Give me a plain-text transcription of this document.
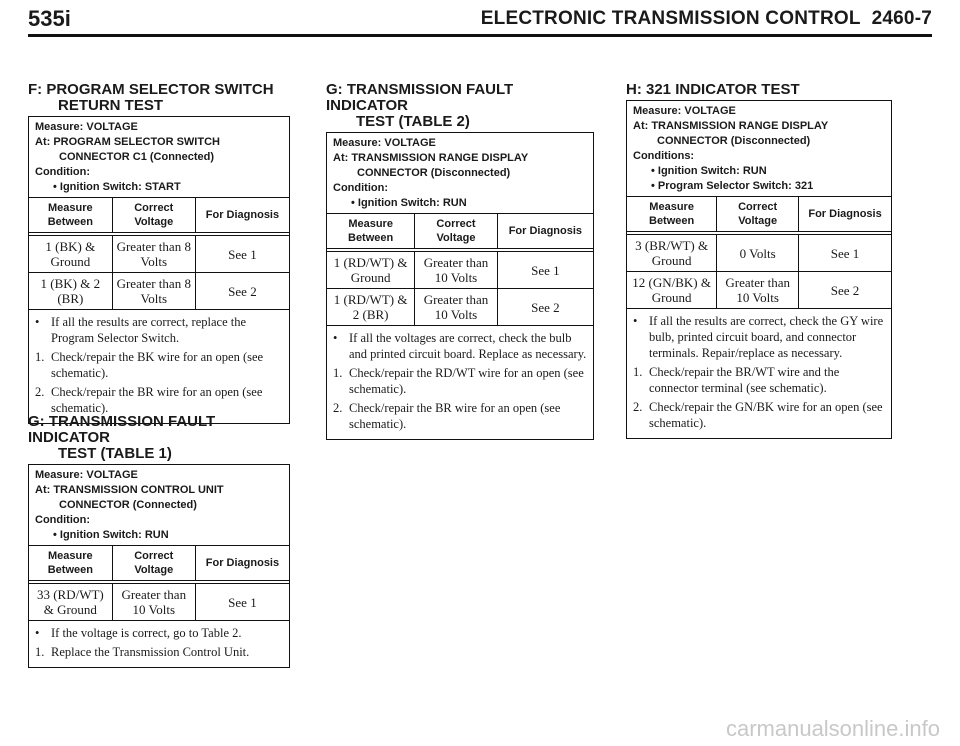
535i	ELECTRONIC TRANSMISSION CONTROL 2460-7
F: PROGRAM SELECTOR SWITCH
RETURN TEST
Measure: VOLTAGE
At: PROGRAM SELECTOR SWITCH
CONNECTOR C1 (Connected)
Condition:
• Ignition Switch: START
Measure Between	Correct Voltage	For Diagnosis
1 (BK) & Ground	Greater than 8 Volts	See 1
1 (BK) & 2 (BR)	Greater than 8 Volts	See 2
• If all the results are correct, replace the Program Selector Switch.
1. Check/repair the BK wire for an open (see schematic).
2. Check/repair the BR wire for an open (see schematic).
G: TRANSMISSION FAULT INDICATOR
TEST (TABLE 1)
Measure: VOLTAGE
At: TRANSMISSION CONTROL UNIT
CONNECTOR (Connected)
Condition:
• Ignition Switch: RUN
Measure Between	Correct Voltage	For Diagnosis
33 (RD/WT) & Ground	Greater than 10 Volts	See 1
• If the voltage is correct, go to Table 2.
1. Replace the Transmission Control Unit.
G: TRANSMISSION FAULT INDICATOR
TEST (TABLE 2)
Measure: VOLTAGE
At: TRANSMISSION RANGE DISPLAY
CONNECTOR (Disconnected)
Condition:
• Ignition Switch: RUN
Measure Between	Correct Voltage	For Diagnosis
1 (RD/WT) & Ground	Greater than 10 Volts	See 1
1 (RD/WT) & 2 (BR)	Greater than 10 Volts	See 2
• If all the voltages are correct, check the bulb and printed circuit board. Replace as necessary.
1. Check/repair the RD/WT wire for an open (see schematic).
2. Check/repair the BR wire for an open (see schematic).
H: 321 INDICATOR TEST
Measure: VOLTAGE
At: TRANSMISSION RANGE DISPLAY
CONNECTOR (Disconnected)
Conditions:
• Ignition Switch: RUN
• Program Selector Switch: 321
Measure Between	Correct Voltage	For Diagnosis
3 (BR/WT) & Ground	0 Volts	See 1
12 (GN/BK) & Ground	Greater than 10 Volts	See 2
• If all the results are correct, check the GY wire bulb, printed circuit board, and connector terminals. Repair/replace as necessary.
1. Check/repair the BR/WT wire and the connector terminal (see schematic).
2. Check/repair the GN/BK wire for an open (see schematic).
carmanualsonline.info
